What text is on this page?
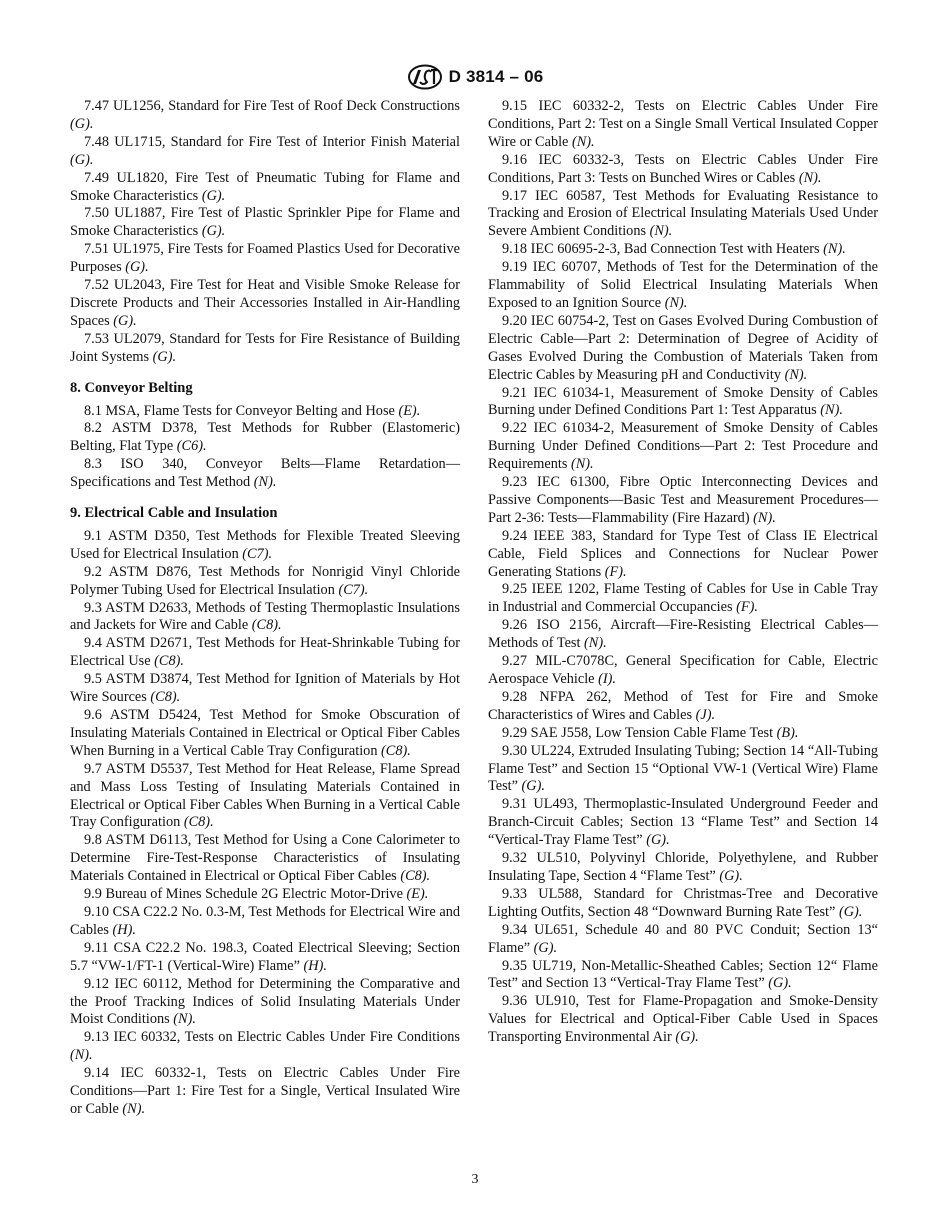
D 3814 – 06

7.47 UL1256, Standard for Fire Test of Roof Deck Constructions (G).

7.48 UL1715, Standard for Fire Test of Interior Finish Material (G).

7.49 UL1820, Fire Test of Pneumatic Tubing for Flame and Smoke Characteristics (G).

7.50 UL1887, Fire Test of Plastic Sprinkler Pipe for Flame and Smoke Characteristics (G).

7.51 UL1975, Fire Tests for Foamed Plastics Used for Decorative Purposes (G).

7.52 UL2043, Fire Test for Heat and Visible Smoke Release for Discrete Products and Their Accessories Installed in Air-Handling Spaces (G).

7.53 UL2079, Standard for Tests for Fire Resistance of Building Joint Systems (G).

8. Conveyor Belting

8.1 MSA, Flame Tests for Conveyor Belting and Hose (E).

8.2 ASTM D378, Test Methods for Rubber (Elastomeric) Belting, Flat Type (C6).

8.3 ISO 340, Conveyor Belts—Flame Retardation—Specifications and Test Method (N).

9. Electrical Cable and Insulation

9.1 ASTM D350, Test Methods for Flexible Treated Sleeving Used for Electrical Insulation (C7).

9.2 ASTM D876, Test Methods for Nonrigid Vinyl Chloride Polymer Tubing Used for Electrical Insulation (C7).

9.3 ASTM D2633, Methods of Testing Thermoplastic Insulations and Jackets for Wire and Cable (C8).

9.4 ASTM D2671, Test Methods for Heat-Shrinkable Tubing for Electrical Use (C8).

9.5 ASTM D3874, Test Method for Ignition of Materials by Hot Wire Sources (C8).

9.6 ASTM D5424, Test Method for Smoke Obscuration of Insulating Materials Contained in Electrical or Optical Fiber Cables When Burning in a Vertical Cable Tray Configuration (C8).

9.7 ASTM D5537, Test Method for Heat Release, Flame Spread and Mass Loss Testing of Insulating Materials Contained in Electrical or Optical Fiber Cables When Burning in a Vertical Cable Tray Configuration (C8).

9.8 ASTM D6113, Test Method for Using a Cone Calorimeter to Determine Fire-Test-Response Characteristics of Insulating Materials Contained in Electrical or Optical Fiber Cables (C8).

9.9 Bureau of Mines Schedule 2G Electric Motor-Drive (E).

9.10 CSA C22.2 No. 0.3-M, Test Methods for Electrical Wire and Cables (H).

9.11 CSA C22.2 No. 198.3, Coated Electrical Sleeving; Section 5.7 “VW-1/FT-1 (Vertical-Wire) Flame” (H).

9.12 IEC 60112, Method for Determining the Comparative and the Proof Tracking Indices of Solid Insulating Materials Under Moist Conditions (N).

9.13 IEC 60332, Tests on Electric Cables Under Fire Conditions (N).

9.14 IEC 60332-1, Tests on Electric Cables Under Fire Conditions—Part 1: Fire Test for a Single, Vertical Insulated Wire or Cable (N).

9.15 IEC 60332-2, Tests on Electric Cables Under Fire Conditions, Part 2: Test on a Single Small Vertical Insulated Copper Wire or Cable (N).

9.16 IEC 60332-3, Tests on Electric Cables Under Fire Conditions, Part 3: Tests on Bunched Wires or Cables (N).

9.17 IEC 60587, Test Methods for Evaluating Resistance to Tracking and Erosion of Electrical Insulating Materials Used Under Severe Ambient Conditions (N).

9.18 IEC 60695-2-3, Bad Connection Test with Heaters (N).

9.19 IEC 60707, Methods of Test for the Determination of the Flammability of Solid Electrical Insulating Materials When Exposed to an Ignition Source (N).

9.20 IEC 60754-2, Test on Gases Evolved During Combustion of Electric Cable—Part 2: Determination of Degree of Acidity of Gases Evolved During the Combustion of Materials Taken from Electric Cables by Measuring pH and Conductivity (N).

9.21 IEC 61034-1, Measurement of Smoke Density of Cables Burning under Defined Conditions Part 1: Test Apparatus (N).

9.22 IEC 61034-2, Measurement of Smoke Density of Cables Burning Under Defined Conditions—Part 2: Test Procedure and Requirements (N).

9.23 IEC 61300, Fibre Optic Interconnecting Devices and Passive Components—Basic Test and Measurement Procedures—Part 2-36: Tests—Flammability (Fire Hazard) (N).

9.24 IEEE 383, Standard for Type Test of Class IE Electrical Cable, Field Splices and Connections for Nuclear Power Generating Stations (F).

9.25 IEEE 1202, Flame Testing of Cables for Use in Cable Tray in Industrial and Commercial Occupancies (F).

9.26 ISO 2156, Aircraft—Fire-Resisting Electrical Cables—Methods of Test (N).

9.27 MIL-C7078C, General Specification for Cable, Electric Aerospace Vehicle (I).

9.28 NFPA 262, Method of Test for Fire and Smoke Characteristics of Wires and Cables (J).

9.29 SAE J558, Low Tension Cable Flame Test (B).

9.30 UL224, Extruded Insulating Tubing; Section 14 “All-Tubing Flame Test” and Section 15 “Optional VW-1 (Vertical Wire) Flame Test” (G).

9.31 UL493, Thermoplastic-Insulated Underground Feeder and Branch-Circuit Cables; Section 13 “Flame Test” and Section 14 “Vertical-Tray Flame Test” (G).

9.32 UL510, Polyvinyl Chloride, Polyethylene, and Rubber Insulating Tape, Section 4 “Flame Test” (G).

9.33 UL588, Standard for Christmas-Tree and Decorative Lighting Outfits, Section 48 “Downward Burning Rate Test” (G).

9.34 UL651, Schedule 40 and 80 PVC Conduit; Section 13“ Flame” (G).

9.35 UL719, Non-Metallic-Sheathed Cables; Section 12“ Flame Test” and Section 13 “Vertical-Tray Flame Test” (G).

9.36 UL910, Test for Flame-Propagation and Smoke-Density Values for Electrical and Optical-Fiber Cable Used in Spaces Transporting Environmental Air (G).

3
